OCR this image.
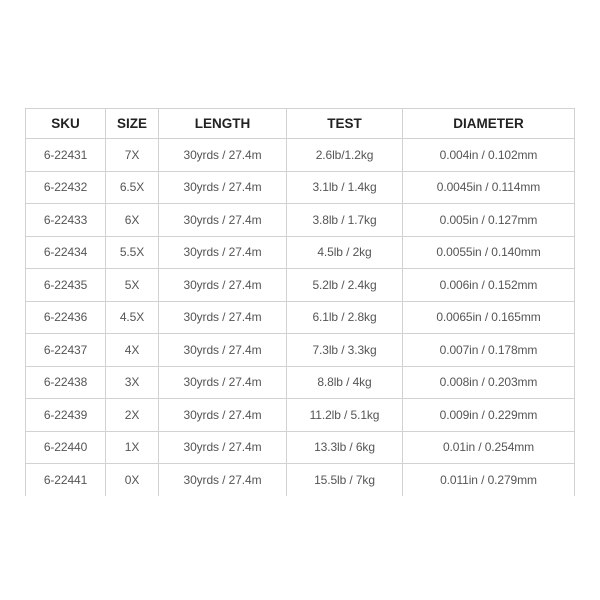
SKU	SIZE	LENGTH	TEST	DIAMETER
6-22431	7X	30yrds / 27.4m	2.6lb/1.2kg	0.004in / 0.102mm
6-22432	6.5X	30yrds / 27.4m	3.1lb / 1.4kg	0.0045in / 0.114mm
6-22433	6X	30yrds / 27.4m	3.8lb / 1.7kg	0.005in / 0.127mm
6-22434	5.5X	30yrds / 27.4m	4.5lb / 2kg	0.0055in / 0.140mm
6-22435	5X	30yrds / 27.4m	5.2lb / 2.4kg	0.006in / 0.152mm
6-22436	4.5X	30yrds / 27.4m	6.1lb / 2.8kg	0.0065in / 0.165mm
6-22437	4X	30yrds / 27.4m	7.3lb / 3.3kg	0.007in / 0.178mm
6-22438	3X	30yrds / 27.4m	8.8lb / 4kg	0.008in / 0.203mm
6-22439	2X	30yrds / 27.4m	11.2lb / 5.1kg	0.009in / 0.229mm
6-22440	1X	30yrds / 27.4m	13.3lb / 6kg	0.01in / 0.254mm
6-22441	0X	30yrds / 27.4m	15.5lb / 7kg	0.011in / 0.279mm
